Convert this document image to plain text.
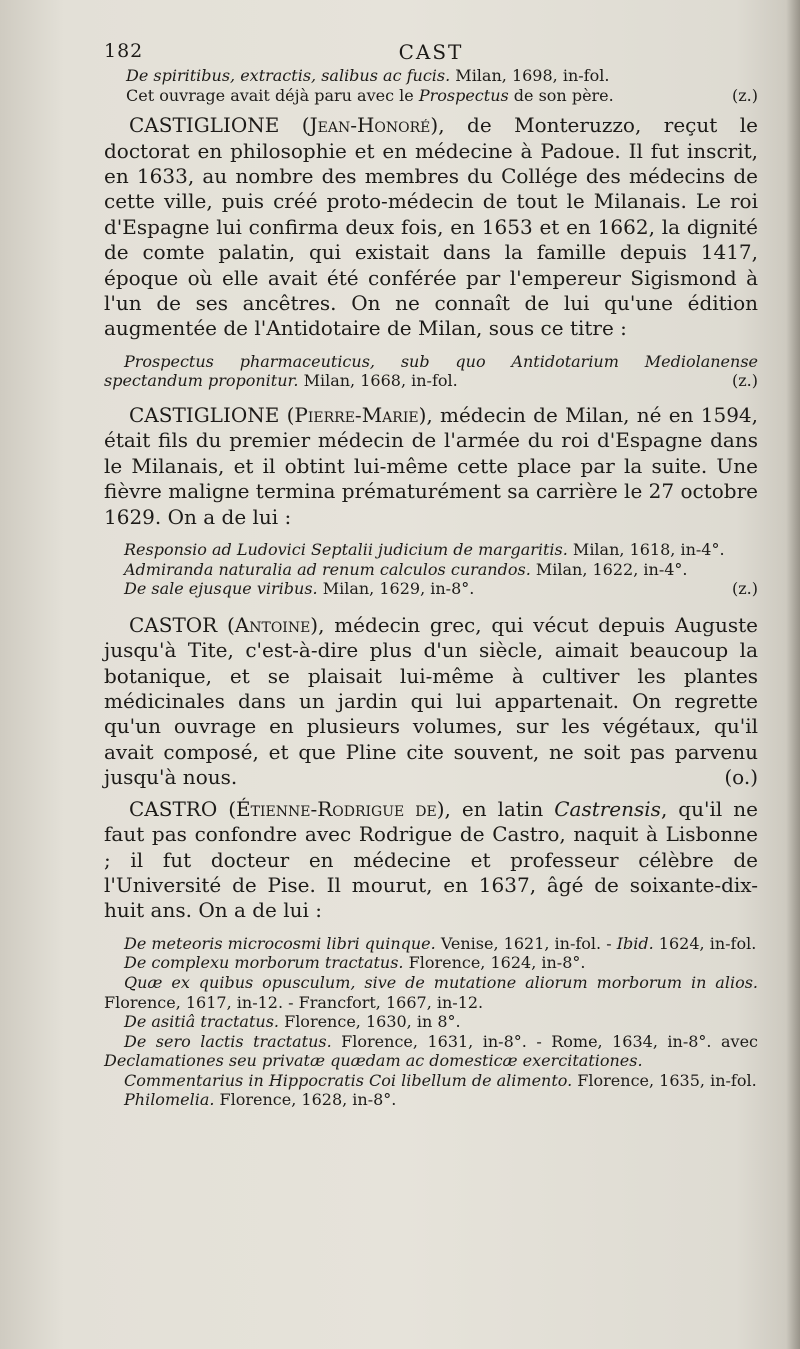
182	CAST

De spiritibus, extractis, salibus ac fucis. Milan, 1698, in-fol.

Cet ouvrage avait déjà paru avec le Prospectus de son père.	(z.)

CASTIGLIONE (Jean-Honoré), de Monteruzzo, reçut le doctorat en philosophie et en médecine à Padoue. Il fut inscrit, en 1633, au nombre des membres du Collége des médecins de cette ville, puis créé proto-médecin de tout le Milanais. Le roi d'Espagne lui confirma deux fois, en 1653 et en 1662, la dignité de comte palatin, qui existait dans la famille depuis 1417, époque où elle avait été conférée par l'empereur Sigismond à l'un de ses ancêtres. On ne connaît de lui qu'une édition augmentée de l'Antidotaire de Milan, sous ce titre :

Prospectus pharmaceuticus, sub quo Antidotarium Mediolanense spectandum proponitur. Milan, 1668, in-fol.	(z.)

CASTIGLIONE (Pierre-Marie), médecin de Milan, né en 1594, était fils du premier médecin de l'armée du roi d'Espagne dans le Milanais, et il obtint lui-même cette place par la suite. Une fièvre maligne termina prématurément sa carrière le 27 octobre 1629. On a de lui :

Responsio ad Ludovici Septalii judicium de margaritis. Milan, 1618, in-4°.

Admiranda naturalia ad renum calculos curandos. Milan, 1622, in-4°.

De sale ejusque viribus. Milan, 1629, in-8°.	(z.)

CASTOR (Antoine), médecin grec, qui vécut depuis Auguste jusqu'à Tite, c'est-à-dire plus d'un siècle, aimait beaucoup la botanique, et se plaisait lui-même à cultiver les plantes médicinales dans un jardin qui lui appartenait. On regrette qu'un ouvrage en plusieurs volumes, sur les végétaux, qu'il avait composé, et que Pline cite souvent, ne soit pas parvenu jusqu'à nous.	(o.)

CASTRO (Étienne-Rodrigue de), en latin Castrensis, qu'il ne faut pas confondre avec Rodrigue de Castro, naquit à Lisbonne ; il fut docteur en médecine et professeur célèbre de l'Université de Pise. Il mourut, en 1637, âgé de soixante-dix-huit ans. On a de lui :

De meteoris microcosmi libri quinque. Venise, 1621, in-fol. - Ibid. 1624, in-fol.

De complexu morborum tractatus. Florence, 1624, in-8°.

Quæ ex quibus opusculum, sive de mutatione aliorum morborum in alios. Florence, 1617, in-12. - Francfort, 1667, in-12.

De asitiâ tractatus. Florence, 1630, in 8°.

De sero lactis tractatus. Florence, 1631, in-8°. - Rome, 1634, in-8°. avec Declamationes seu privatæ quædam ac domesticæ exercitationes.

Commentarius in Hippocratis Coi libellum de alimento. Florence, 1635, in-fol.

Philomelia. Florence, 1628, in-8°.
